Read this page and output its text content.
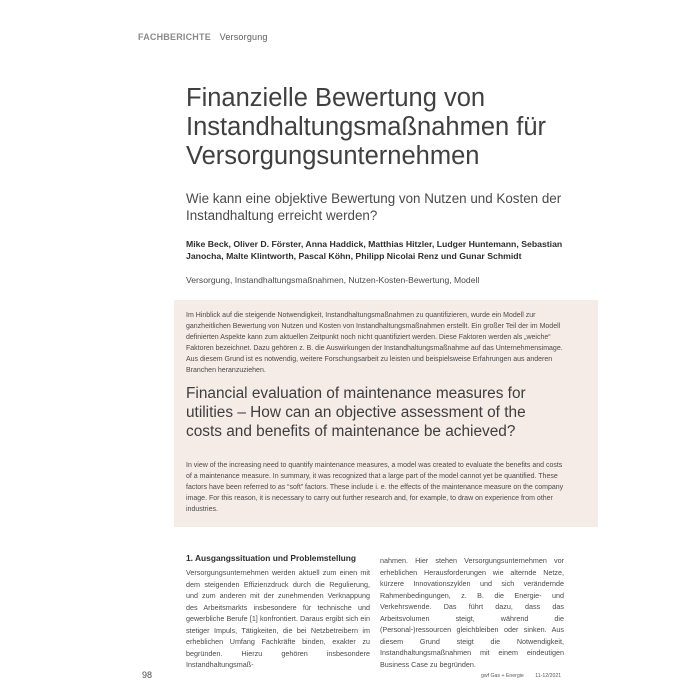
FACHBERICHTE Versorgung
Finanzielle Bewertung von Instandhaltungsmaßnahmen für Versorgungsunternehmen

Wie kann eine objektive Bewertung von Nutzen und Kosten der Instandhaltung erreicht werden?

Mike Beck, Oliver D. Förster, Anna Haddick, Matthias Hitzler, Ludger Huntemann, Sebastian Janocha, Malte Klintworth, Pascal Köhn, Philipp Nicolai Renz und Gunar Schmidt

Versorgung, Instandhaltungsmaßnahmen, Nutzen-Kosten-Bewertung, Modell

Im Hinblick auf die steigende Notwendigkeit, Instandhaltungsmaßnahmen zu quantifizieren, wurde ein Modell zur ganzheitlichen Bewertung von Nutzen und Kosten von Instandhaltungsmaßnahmen erstellt. Ein großer Teil der im Modell definierten Aspekte kann zum aktuellen Zeitpunkt noch nicht quantifiziert werden. Diese Faktoren werden als „weiche“ Faktoren bezeichnet. Dazu gehören z. B. die Auswirkungen der Instandhaltungsmaßnahme auf das Unternehmensimage. Aus diesem Grund ist es notwendig, weitere Forschungsarbeit zu leisten und beispielsweise Erfahrungen aus anderen Branchen heranzuziehen.

Financial evaluation of maintenance measures for utilities – How can an objective assessment of the costs and benefits of maintenance be achieved?

In view of the increasing need to quantify maintenance measures, a model was created to evaluate the benefits and costs of a maintenance measure. In summary, it was recognized that a large part of the model cannot yet be quantified. These factors have been referred to as “soft” factors. These include i. e. the effects of the maintenance measure on the company image. For this reason, it is necessary to carry out further research and, for example, to draw on experience from other industries.

1. Ausgangssituation und Problemstellung

Versorgungsunternehmen werden aktuell zum einen mit dem steigenden Effizienzdruck durch die Regulierung, und zum anderen mit der zunehmenden Verknappung des Arbeitsmarkts insbesondere für technische und gewerbliche Berufe [1] konfrontiert. Daraus ergibt sich ein stetiger Impuls, Tätigkeiten, die bei Netzbetreibern im erheblichen Umfang Fachkräfte binden, exakter zu begründen. Hierzu gehören insbesondere Instandhaltungsmaß-

nahmen. Hier stehen Versorgungsunternehmen vor erheblichen Herausforderungen wie alternde Netze, kürzere Innovationszyklen und sich verändernde Rahmenbedingungen, z. B. die Energie- und Verkehrswende. Das führt dazu, dass das Arbeitsvolumen steigt, während die (Personal-)ressourcen gleichbleiben oder sinken. Aus diesem Grund steigt die Notwendigkeit, Instandhaltungsmaßnahmen mit einem eindeutigen Business Case zu begründen.

98	gwf Gas + Energie 11-12/2021
